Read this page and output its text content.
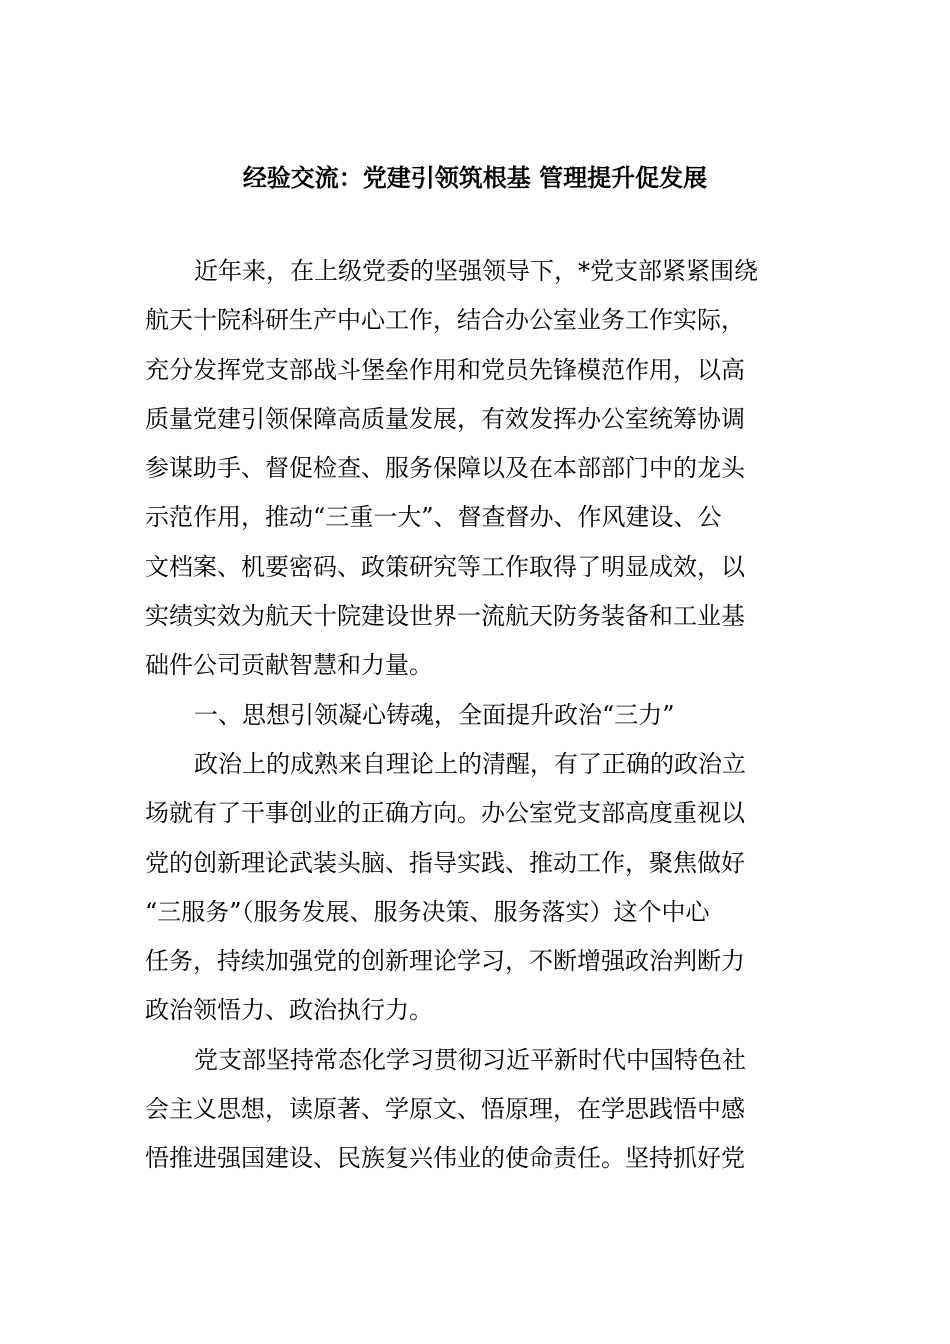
经验交流：党建引领筑根基 管理提升促发展
近年来，在上级党委的坚强领导下，*党支部紧紧围绕
航天十院科研生产中心工作，结合办公室业务工作实际，
充分发挥党支部战斗堡垒作用和党员先锋模范作用，以高
质量党建引领保障高质量发展，有效发挥办公室统筹协调
参谋助手、督促检查、服务保障以及在本部部门中的龙头
示范作用，推动“三重一大”、督查督办、作风建设、公
文档案、机要密码、政策研究等工作取得了明显成效，以
实绩实效为航天十院建设世界一流航天防务装备和工业基
础件公司贡献智慧和力量。
一、思想引领凝心铸魂，全面提升政治“三力”
政治上的成熟来自理论上的清醒，有了正确的政治立
场就有了干事创业的正确方向。办公室党支部高度重视以
党的创新理论武装头脑、指导实践、推动工作，聚焦做好
“三服务”（服务发展、服务决策、服务落实）这个中心
任务，持续加强党的创新理论学习，不断增强政治判断力
政治领悟力、政治执行力。
党支部坚持常态化学习贯彻习近平新时代中国特色社
会主义思想，读原著、学原文、悟原理，在学思践悟中感
悟推进强国建设、民族复兴伟业的使命责任。坚持抓好党
